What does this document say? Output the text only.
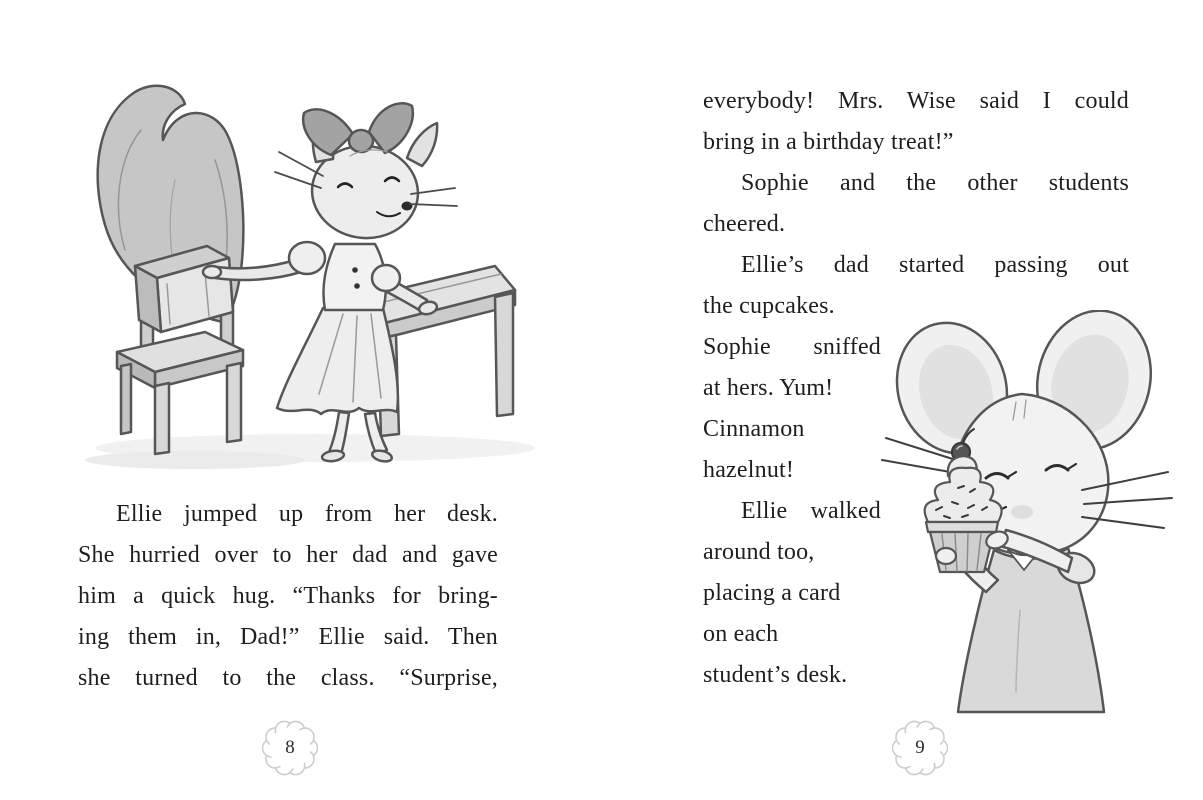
Ellie jumped up from her desk.
She hurried over to her dad and gave
him a quick hug. “Thanks for bring-
ing them in, Dad!” Ellie said. Then
she turned to the class. “Surprise,
8
everybody! Mrs. Wise said I could
bring in a birthday treat!”
Sophie and the other students
cheered.
Ellie’s dad started passing out
the cupcakes.
Sophie sniffed
at hers. Yum!
Cinnamon
hazelnut!
Ellie walked
around too,
placing a card
on each
student’s desk.
9
